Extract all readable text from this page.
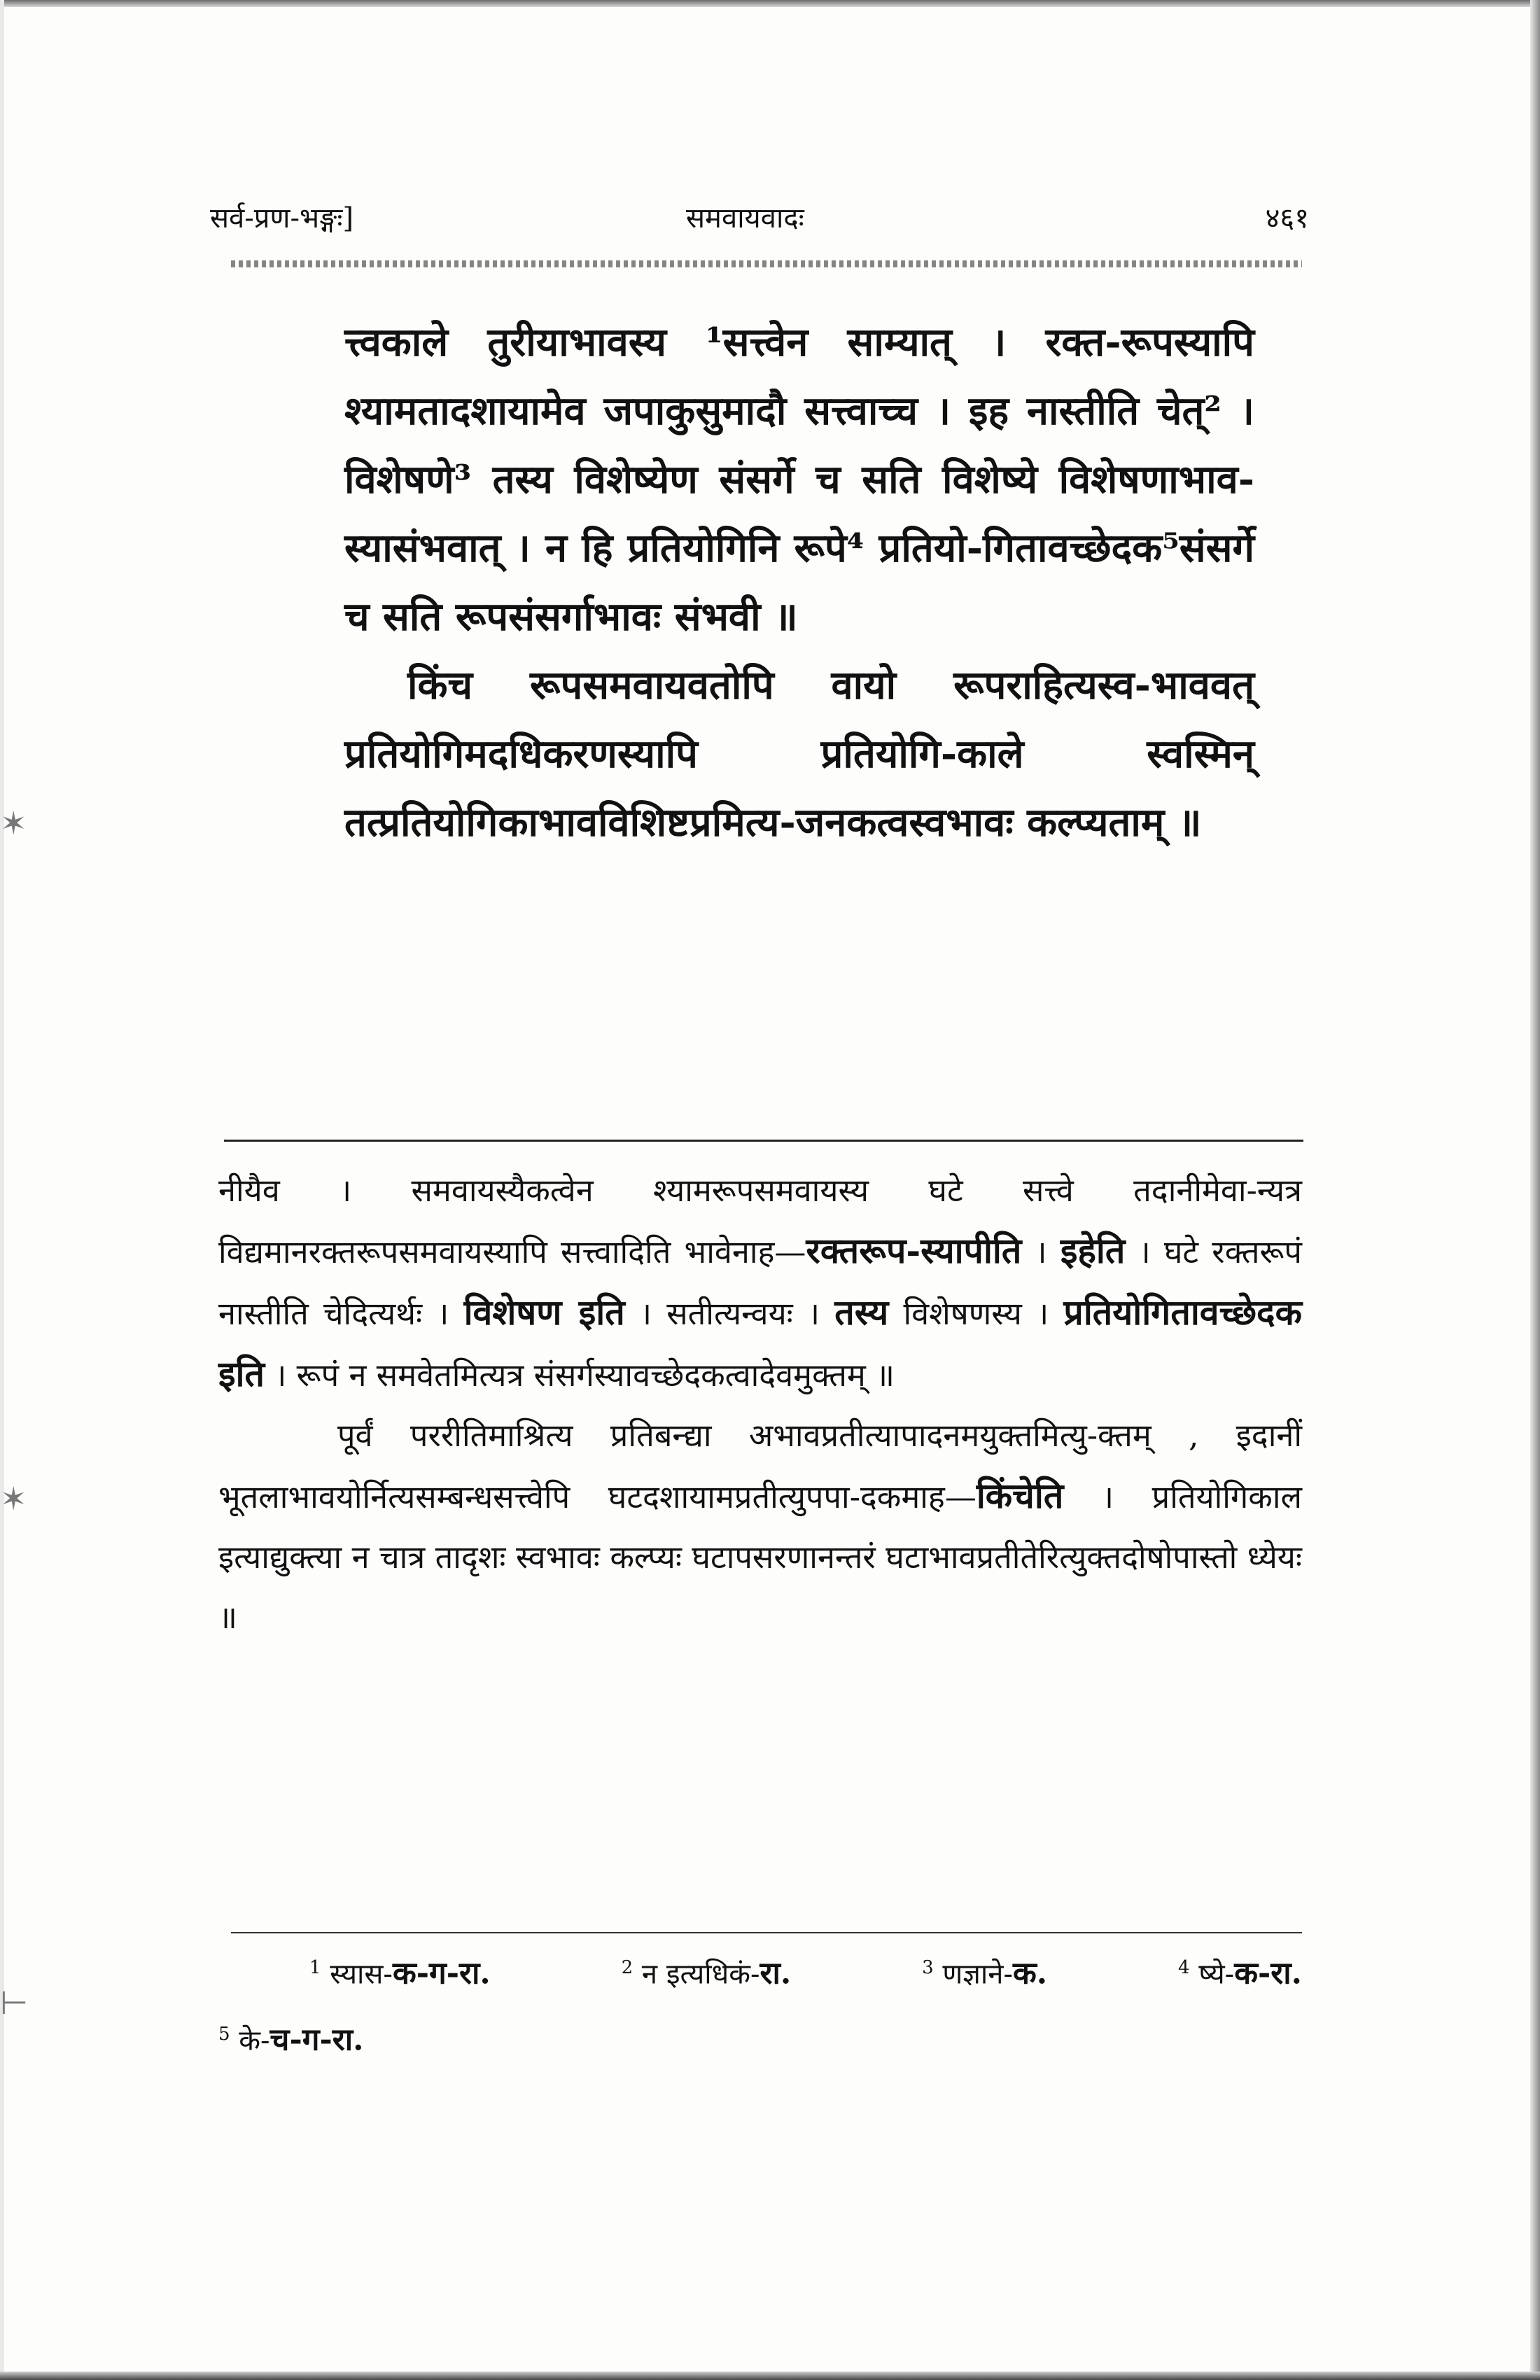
✶
✶
⊢
सर्व-प्रण-भङ्गः]	समवायवादः	४६१

त्त्वकाले तुरीयाभावस्य ¹सत्त्वेन साम्यात् । रक्त-रूपस्यापि श्यामतादशायामेव जपाकुसुमादौ सत्त्वाच्च । इह नास्तीति चेत्² । विशेषणे³ तस्य विशेष्येण संसर्गे च सति विशेष्ये विशेषणाभाव-स्यासंभवात् । न हि प्रतियोगिनि रूपे⁴ प्रतियो-गितावच्छेदक⁵संसर्गे च सति रूपसंसर्गाभावः संभवी ॥

किंच रूपसमवायवतोपि वायो रूपराहित्यस्व-भाववत् प्रतियोगिमदधिकरणस्यापि प्रतियोगि-काले स्वस्मिन् तत्प्रतियोगिकाभावविशिष्टप्रमित्य-जनकत्वस्वभावः कल्प्यताम् ॥

नीयैव । समवायस्यैकत्वेन श्यामरूपसमवायस्य घटे सत्त्वे तदानीमेवा-न्यत्र विद्यमानरक्तरूपसमवायस्यापि सत्त्वादिति भावेनाह—रक्तरूप-स्यापीति । इहेति । घटे रक्तरूपं नास्तीति चेदित्यर्थः । विशेषण इति । सतीत्यन्वयः । तस्य विशेषणस्य । प्रतियोगितावच्छेदक इति । रूपं न समवेतमित्यत्र संसर्गस्यावच्छेदकत्वादेवमुक्तम् ॥

पूर्वं पररीतिमाश्रित्य प्रतिबन्द्या अभावप्रतीत्यापादनमयुक्तमित्यु-क्तम् , इदानीं भूतलाभावयोर्नित्यसम्बन्धसत्त्वेपि घटदशायामप्रतीत्युपपा-दकमाह—किंचेति । प्रतियोगिकाल इत्याद्युक्त्या न चात्र तादृशः स्वभावः कल्प्यः घटापसरणानन्तरं घटाभावप्रतीतेरित्युक्तदोषोपास्तो ध्येयः ॥

$^1$ स्यास-क-ग-रा.	$^2$ न इत्यधिकं-रा.	$^3$ णज्ञाने-क.	$^4$ ष्ये-क-रा.
$^5$ के-च-ग-रा.
